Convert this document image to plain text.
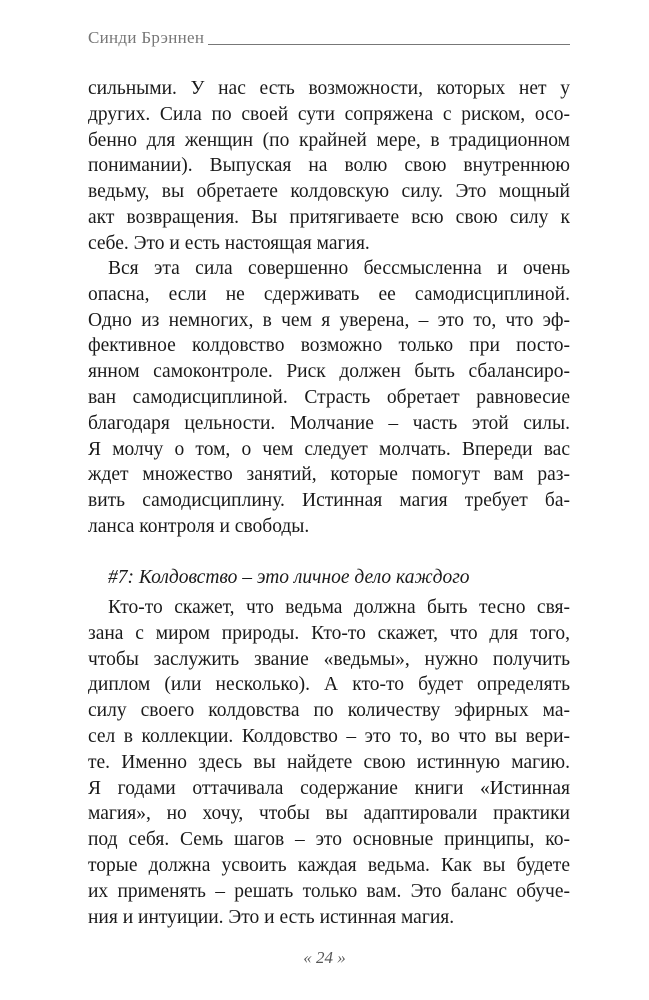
Синди Брэннен
сильными. У нас есть возможности, которых нет у
других. Сила по своей сути сопряжена с риском, осо-
бенно для женщин (по крайней мере, в традиционном
понимании). Выпуская на волю свою внутреннюю
ведьму, вы обретаете колдовскую силу. Это мощный
акт возвращения. Вы притягиваете всю свою силу к
себе. Это и есть настоящая магия.
Вся эта сила совершенно бессмысленна и очень
опасна, если не сдерживать ее самодисциплиной.
Одно из немногих, в чем я уверена, – это то, что эф-
фективное колдовство возможно только при посто-
янном самоконтроле. Риск должен быть сбалансиро-
ван самодисциплиной. Страсть обретает равновесие
благодаря цельности. Молчание – часть этой силы.
Я молчу о том, о чем следует молчать. Впереди вас
ждет множество занятий, которые помогут вам раз-
вить самодисциплину. Истинная магия требует ба-
ланса контроля и свободы.
#7: Колдовство – это личное дело каждого
Кто-то скажет, что ведьма должна быть тесно свя-
зана с миром природы. Кто-то скажет, что для того,
чтобы заслужить звание «ведьмы», нужно получить
диплом (или несколько). А кто-то будет определять
силу своего колдовства по количеству эфирных ма-
сел в коллекции. Колдовство – это то, во что вы вери-
те. Именно здесь вы найдете свою истинную магию.
Я годами оттачивала содержание книги «Истинная
магия», но хочу, чтобы вы адаптировали практики
под себя. Семь шагов – это основные принципы, ко-
торые должна усвоить каждая ведьма. Как вы будете
их применять – решать только вам. Это баланс обуче-
ния и интуиции. Это и есть истинная магия.
« 24 »
